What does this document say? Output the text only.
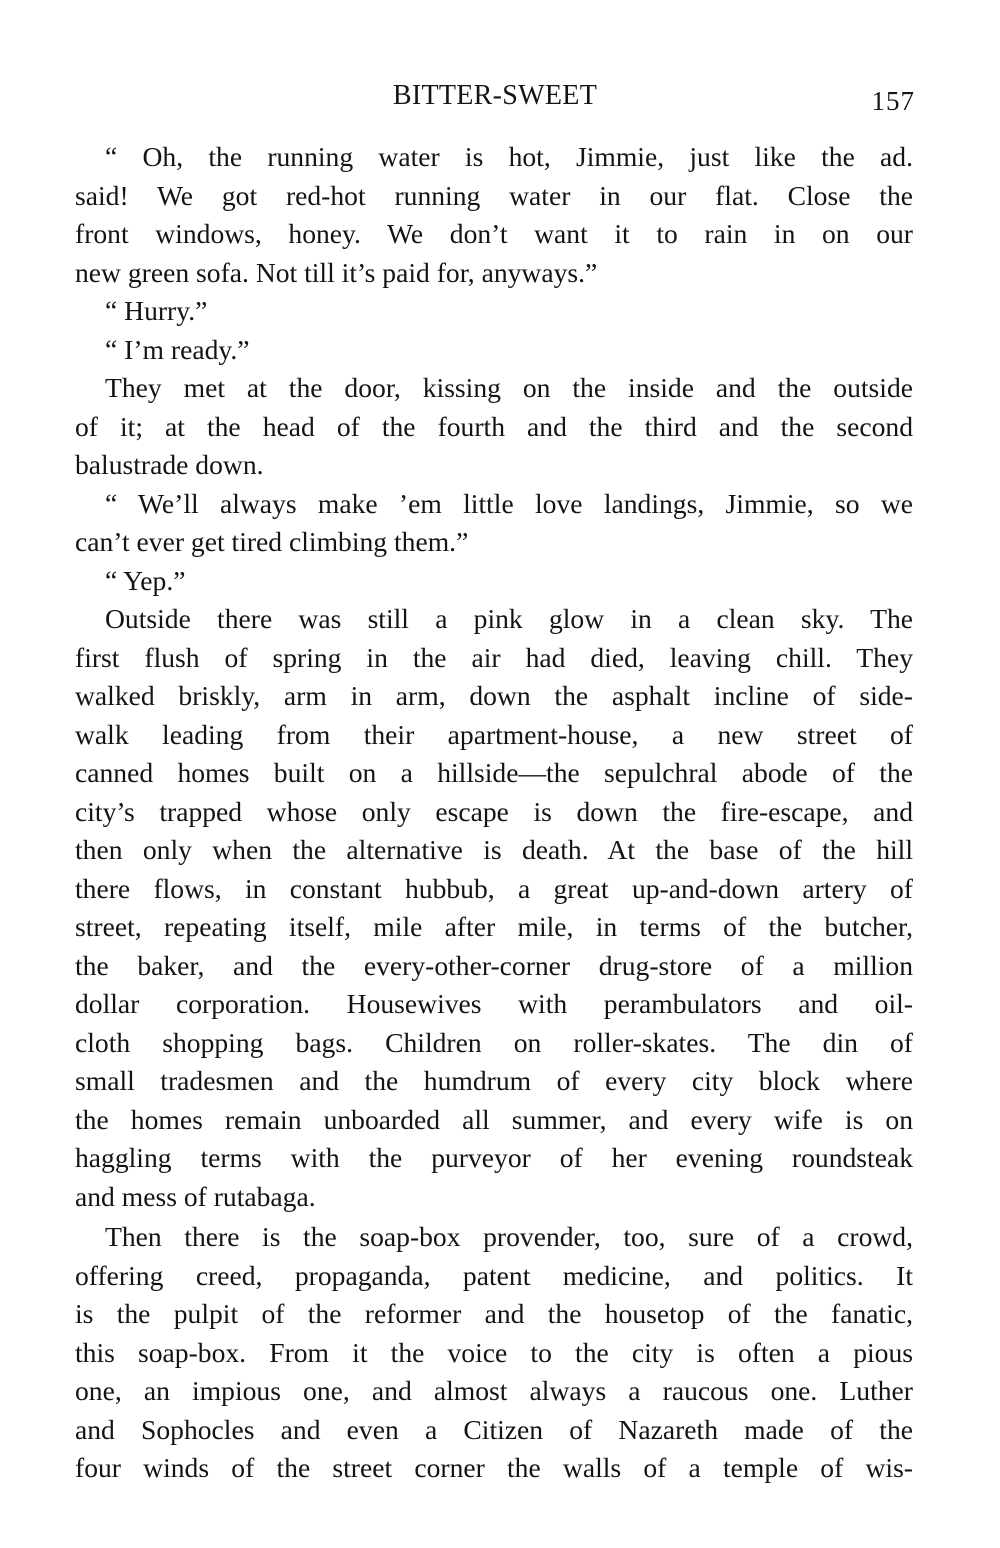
BITTER-SWEET	157
“ Oh, the running water is hot, Jimmie, just like the ad.
said! We got red-hot running water in our flat. Close the
front windows, honey. We don’t want it to rain in on our
new green sofa. Not till it’s paid for, anyways.”
“ Hurry.”
“ I’m ready.”
They met at the door, kissing on the inside and the outside
of it; at the head of the fourth and the third and the second
balustrade down.
“ We’ll always make ’em little love landings, Jimmie, so we
can’t ever get tired climbing them.”
“ Yep.”
Outside there was still a pink glow in a clean sky. The
first flush of spring in the air had died, leaving chill. They
walked briskly, arm in arm, down the asphalt incline of side-
walk leading from their apartment-house, a new street of
canned homes built on a hillside—the sepulchral abode of the
city’s trapped whose only escape is down the fire-escape, and
then only when the alternative is death. At the base of the hill
there flows, in constant hubbub, a great up-and-down artery of
street, repeating itself, mile after mile, in terms of the butcher,
the baker, and the every-other-corner drug-store of a million
dollar corporation. Housewives with perambulators and oil-
cloth shopping bags. Children on roller-skates. The din of
small tradesmen and the humdrum of every city block where
the homes remain unboarded all summer, and every wife is on
haggling terms with the purveyor of her evening roundsteak
and mess of rutabaga.
Then there is the soap-box provender, too, sure of a crowd,
offering creed, propaganda, patent medicine, and politics. It
is the pulpit of the reformer and the housetop of the fanatic,
this soap-box. From it the voice to the city is often a pious
one, an impious one, and almost always a raucous one. Luther
and Sophocles and even a Citizen of Nazareth made of the
four winds of the street corner the walls of a temple of wis-
